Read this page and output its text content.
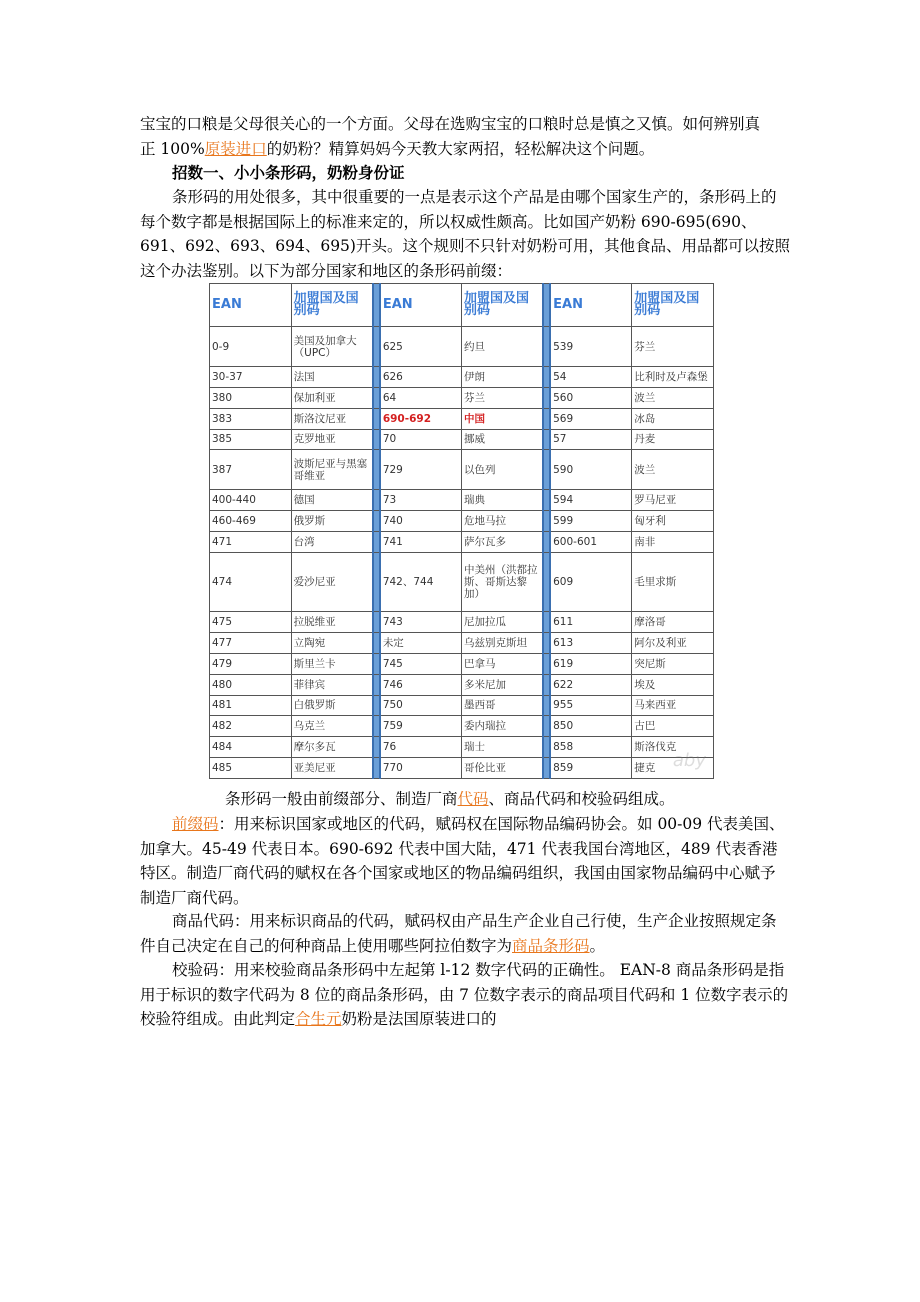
宝宝的口粮是父母很关心的一个方面。父母在选购宝宝的口粮时总是慎之又慎。如何辨别真
正 100%原装进口的奶粉？精算妈妈今天教大家两招，轻松解决这个问题。

招数一、小小条形码，奶粉身份证

条形码的用处很多，其中很重要的一点是表示这个产品是由哪个国家生产的，条形码上的每个数字都是根据国际上的标准来定的，所以权威性颇高。比如国产奶粉 690-695(690、691、692、693、694、695)开头。这个规则不只针对奶粉可用，其他食品、用品都可以按照这个办法鉴别。以下为部分国家和地区的条形码前缀：

EAN	加盟国及国别码		EAN	加盟国及国别码		EAN	加盟国及国别码
0-9	美国及加拿大（UPC）		625	约旦		539	芬兰
30-37	法国		626	伊朗		54	比利时及卢森堡
380	保加利亚		64	芬兰		560	波兰
383	斯洛汶尼亚		690-692	中国		569	冰岛
385	克罗地亚		70	挪威		57	丹麦
387	波斯尼亚与黑塞哥维亚		729	以色列		590	波兰
400-440	德国		73	瑞典		594	罗马尼亚
460-469	俄罗斯		740	危地马拉		599	匈牙利
471	台湾		741	萨尔瓦多		600-601	南非
474	爱沙尼亚		742、744	中美州（洪都拉斯、哥斯达黎加）		609	毛里求斯
475	拉脱维亚		743	尼加拉瓜		611	摩洛哥
477	立陶宛		未定	乌兹别克斯坦		613	阿尔及利亚
479	斯里兰卡		745	巴拿马		619	突尼斯
480	菲律宾		746	多米尼加		622	埃及
481	白俄罗斯		750	墨西哥		955	马来西亚
482	乌克兰		759	委内瑞拉		850	古巴
484	摩尔多瓦		76	瑞士		858	斯洛伐克
485	亚美尼亚		770	哥伦比亚		859	捷克 aby
条形码一般由前缀部分、制造厂商代码、商品代码和校验码组成。

前缀码：用来标识国家或地区的代码，赋码权在国际物品编码协会。如 00-09 代表美国、加拿大。45-49 代表日本。690-692 代表中国大陆，471 代表我国台湾地区，489 代表香港特区。制造厂商代码的赋权在各个国家或地区的物品编码组织，我国由国家物品编码中心赋予制造厂商代码。

商品代码：用来标识商品的代码，赋码权由产品生产企业自己行使，生产企业按照规定条件自己决定在自己的何种商品上使用哪些阿拉伯数字为商品条形码。

校验码：用来校验商品条形码中左起第 l-12 数字代码的正确性。 EAN-8 商品条形码是指用于标识的数字代码为 8 位的商品条形码，由 7 位数字表示的商品项目代码和 1 位数字表示的校验符组成。由此判定合生元奶粉是法国原装进口的
